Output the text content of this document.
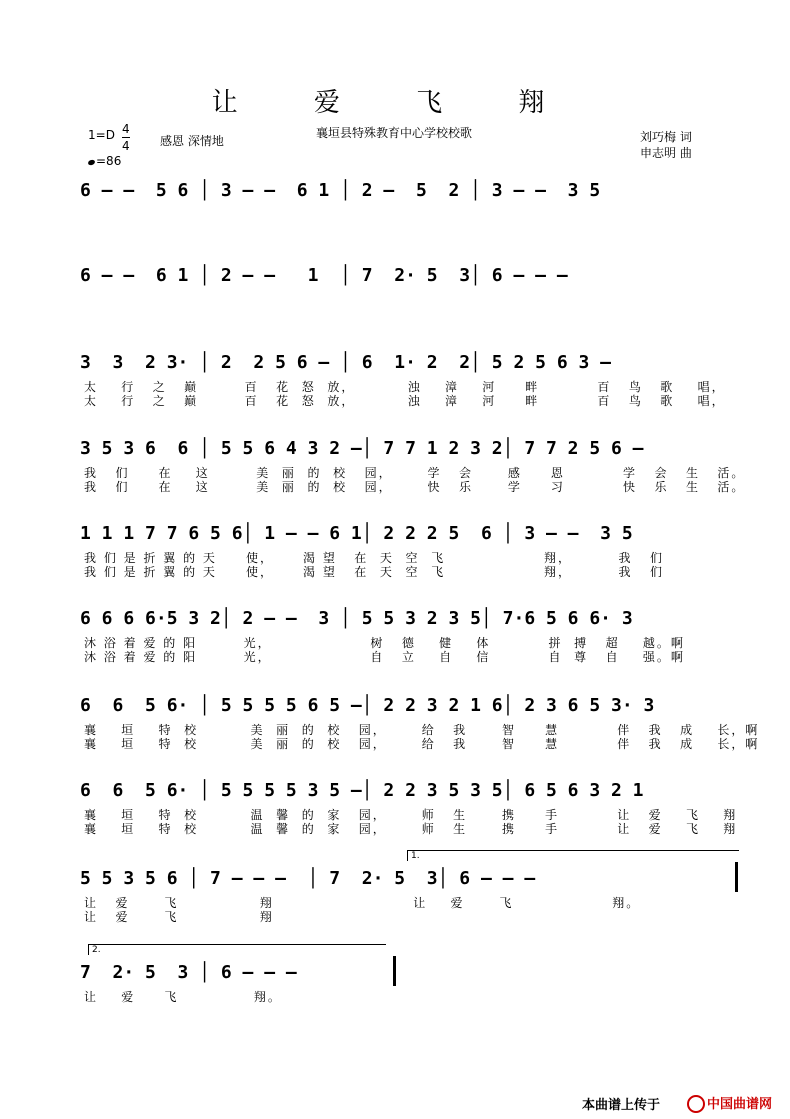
让 爱 飞 翔
襄垣县特殊教育中心学校校歌
1=D 4
4	感恩 深情地
=86
刘巧梅 词
申志明 曲
6 – –  5 6 │ 3 – –  6 1 │ 2 –  5  2 │ 3 – –  3 5
6 – –  6 1 │ 2 – –   1  │ 7  2· 5  3│ 6 – – –
3  3  2 3· │ 2  2 5 6 – │ 6  1· 2  2│ 5 2 5 6 3 –
太    行   之   巅        百   花  怒  放，         浊    漳    河     畔          百   鸟   歌    唱，
太    行   之   巅        百   花  怒  放，         浊    漳    河     畔          百   鸟   歌    唱，
3 5 3 6  6 │ 5 5 6 4 3 2 –│ 7 7 1 2 3 2│ 7 7 2 5 6 –
我   们     在    这        美  丽  的  校   园，      学   会      感     恩          学   会   生   活。
我   们     在    这        美  丽  的  校   园，      快   乐      学     习          快   乐   生   活。
1 1 1 7 7 6 5 6│ 1 – – 6 1│ 2 2 2 5  6 │ 3 – –  3 5
我 们 是 折 翼 的 天     使，     渴 望   在  天  空  飞                 翔，        我   们
我 们 是 折 翼 的 天     使，     渴 望   在  天  空  飞                 翔，        我   们
6 6 6 6·5 3 2│ 2 – –  3 │ 5 5 3 2 3 5│ 7·6 5 6 6· 3
沐 浴 着 爱 的 阳        光，                 树   德    健    体          拼  搏   超    越。啊
沐 浴 着 爱 的 阳        光，                 自   立    自    信          自  尊   自    强。啊
6  6  5 6· │ 5 5 5 5 6 5 –│ 2 2 3 2 1 6│ 2 3 6 5 3· 3
襄    垣    特  校         美  丽  的  校   园，      给   我      智     慧          伴   我   成    长，啊
襄    垣    特  校         美  丽  的  校   园，      给   我      智     慧          伴   我   成    长，啊
6  6  5 6· │ 5 5 5 5 3 5 –│ 2 2 3 5 3 5│ 6 5 6 3 2 1
襄    垣    特  校         温  馨  的  家   园，      师   生      携     手          让   爱    飞    翔
襄    垣    特  校         温  馨  的  家   园，      师   生      携     手          让   爱    飞    翔
5 5 3 5 6 │ 7 – – –  │ 7  2· 5  3│ 6 – – –
让   爱      飞              翔                        让    爱      飞                 翔。
让   爱      飞              翔
7  2· 5  3 │ 6 – – –
让    爱     飞             翔。
1.
2.
本曲谱上传于	中国曲谱网
